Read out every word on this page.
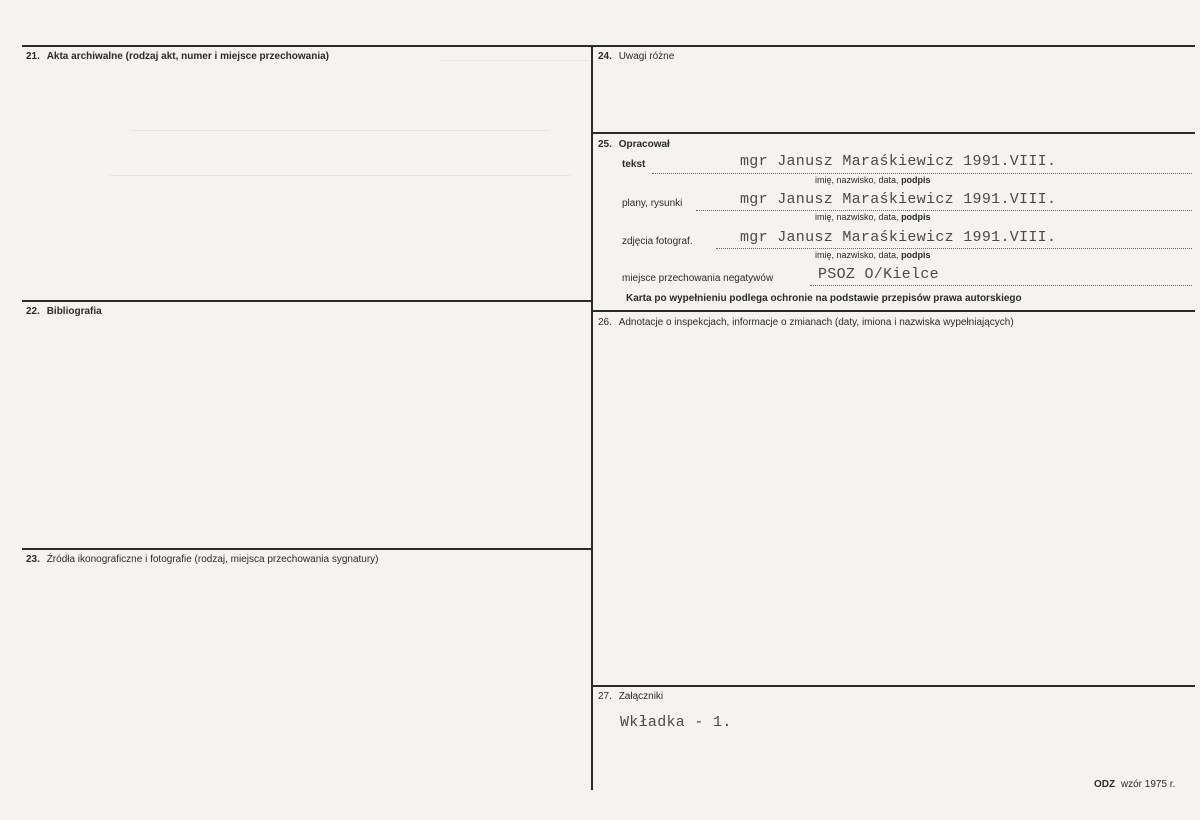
21. Akta archiwalne (rodzaj akt, numer i miejsce przechowania)
22. Bibliografia
23. Źródła ikonograficzne i fotografie (rodzaj, miejsca przechowania sygnatury)
24. Uwagi różne
25. Opracował
tekst	mgr Janusz Maraśkiewicz 1991.VIII.
imię, nazwisko, data, podpis
plany, rysunki	mgr Janusz Maraśkiewicz 1991.VIII.
imię, nazwisko, data, podpis
zdjęcia fotograf.	mgr Janusz Maraśkiewicz 1991.VIII.
imię, nazwisko, data, podpis
miejsce przechowania negatywów	PSOZ O/Kielce
Karta po wypełnieniu podlega ochronie na podstawie przepisów prawa autorskiego
26. Adnotacje o inspekcjach, informacje o zmianach (daty, imiona i nazwiska wypełniających)
27. Załączniki
Wkładka - 1.
ODZ wzór 1975 r.
